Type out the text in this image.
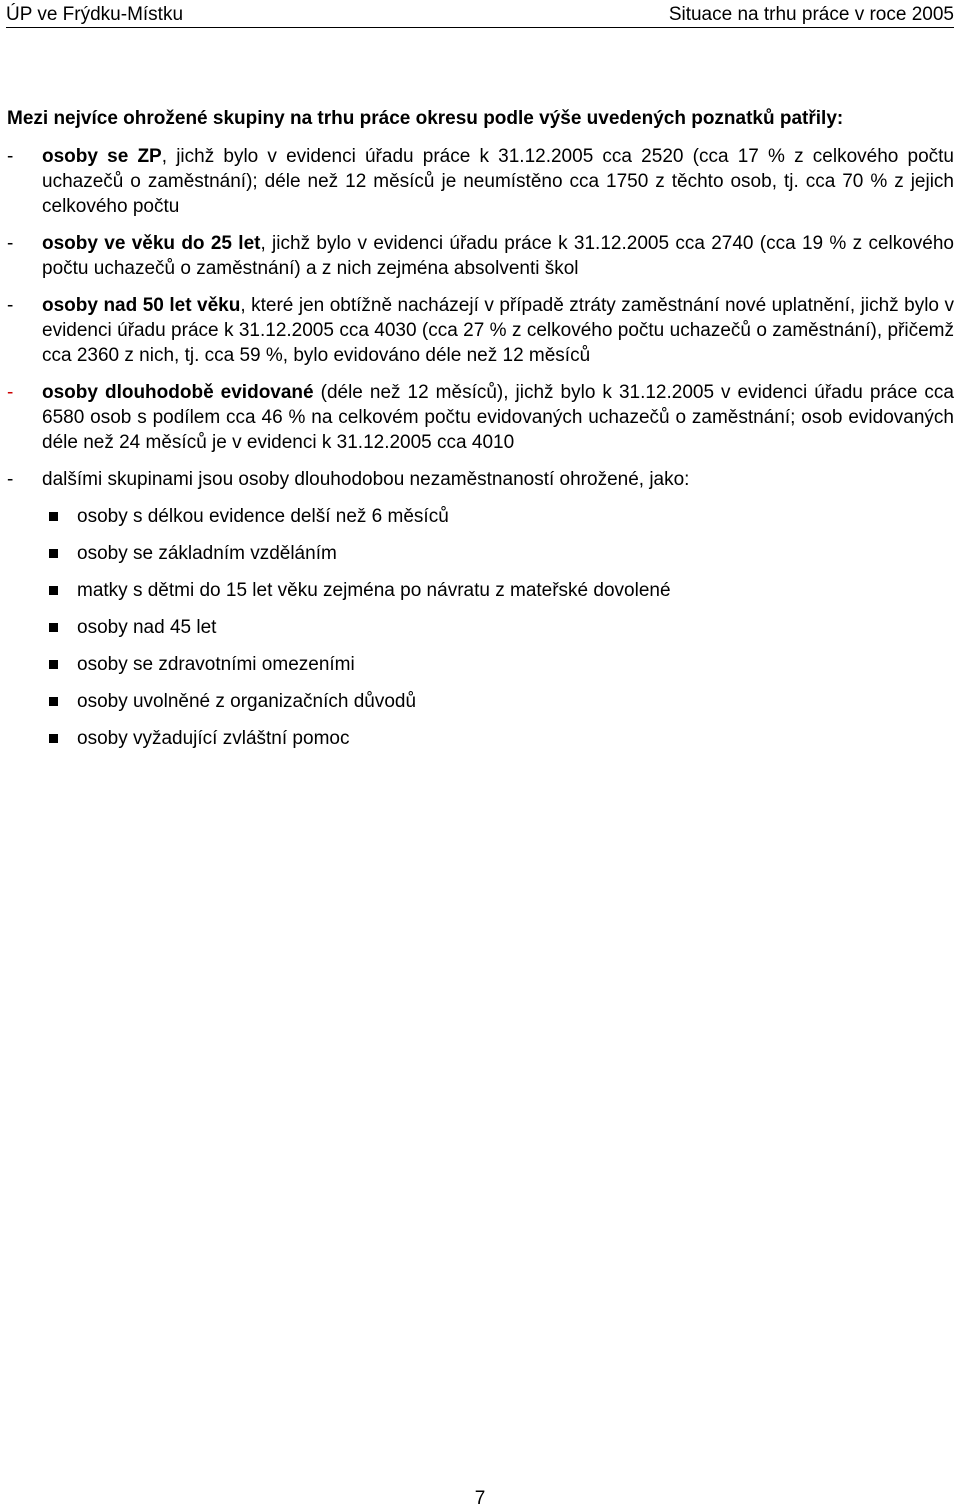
ÚP ve Frýdku-Místku	Situace na trhu práce v roce 2005

Mezi nejvíce ohrožené skupiny na trhu práce okresu podle výše uvedených poznatků patřily:

- osoby se ZP, jichž bylo v evidenci úřadu práce k 31.12.2005 cca 2520 (cca 17 % z celkového počtu uchazečů o zaměstnání); déle než 12 měsíců je neumístěno cca 1750 z těchto osob, tj. cca 70 % z jejich celkového počtu
- osoby ve věku do 25 let, jichž bylo v evidenci úřadu práce k 31.12.2005 cca 2740 (cca 19 % z celkového počtu uchazečů o zaměstnání) a z nich zejména absolventi škol
- osoby nad 50 let věku, které jen obtížně nacházejí v případě ztráty zaměstnání nové uplatnění, jichž bylo v evidenci úřadu práce k 31.12.2005 cca 4030 (cca 27 % z celkového počtu uchazečů o zaměstnání), přičemž cca 2360 z nich, tj. cca 59 %, bylo evidováno déle než 12 měsíců
- osoby dlouhodobě evidované (déle než 12 měsíců), jichž bylo k 31.12.2005 v evidenci úřadu práce cca 6580 osob s podílem cca 46 % na celkovém počtu evidovaných uchazečů o zaměstnání; osob evidovaných déle než 24 měsíců je v evidenci k 31.12.2005 cca 4010
- dalšími skupinami jsou osoby dlouhodobou nezaměstnaností ohrožené, jako:
osoby s délkou evidence delší než 6 měsíců
osoby se základním vzděláním
matky s dětmi do 15 let věku zejména po návratu z mateřské dovolené
osoby nad 45 let
osoby se zdravotními omezeními
osoby uvolněné z organizačních důvodů
osoby vyžadující zvláštní pomoc
7
